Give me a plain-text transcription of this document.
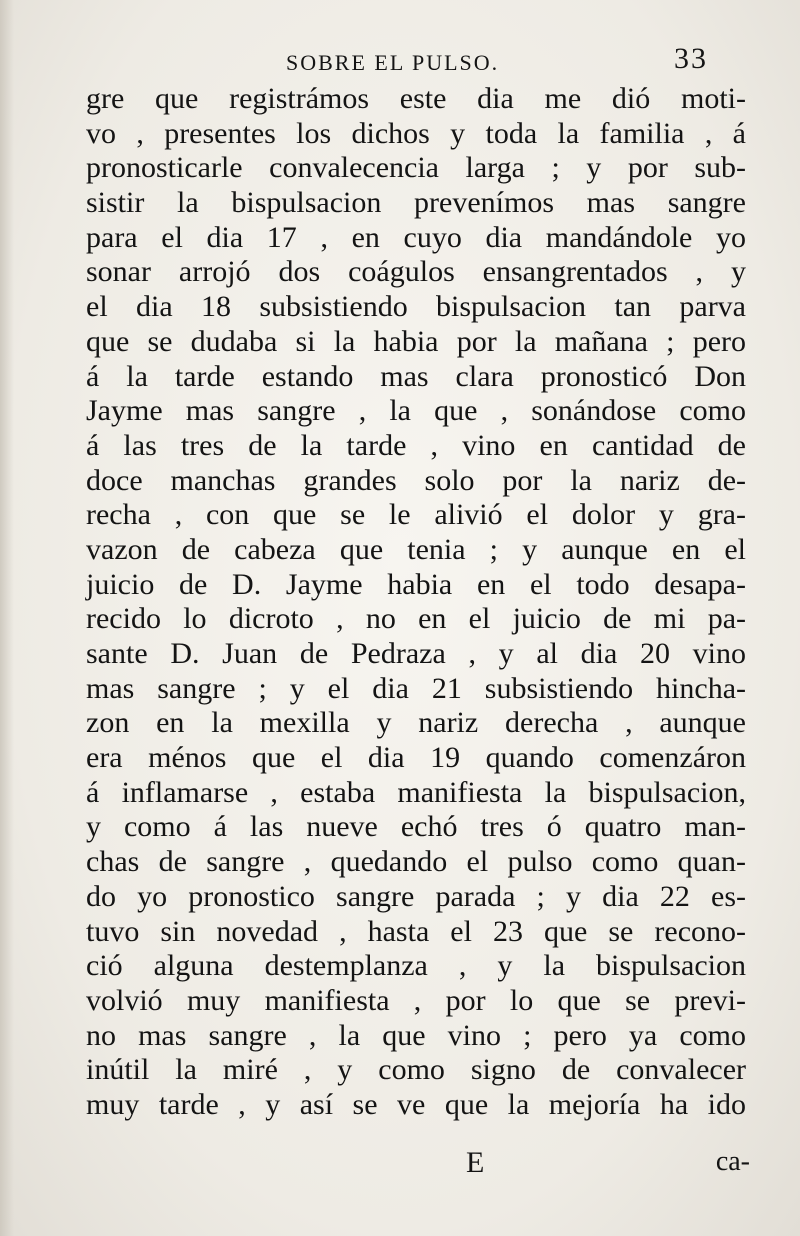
SOBRE EL PULSO.	33
gre que registrámos este dia me dió moti-
vo , presentes los dichos y toda la familia , á
pronosticarle convalecencia larga ; y por sub-
sistir la bispulsacion prevenímos mas sangre
para el dia 17 , en cuyo dia mandándole yo
sonar arrojó dos coágulos ensangrentados , y
el dia 18 subsistiendo bispulsacion tan parva
que se dudaba si la habia por la mañana ; pero
á la tarde estando mas clara pronosticó Don
Jayme mas sangre , la que , sonándose como
á las tres de la tarde , vino en cantidad de
doce manchas grandes solo por la nariz de-
recha , con que se le alivió el dolor y gra-
vazon de cabeza que tenia ; y aunque en el
juicio de D. Jayme habia en el todo desapa-
recido lo dicroto , no en el juicio de mi pa-
sante D. Juan de Pedraza , y al dia 20 vino
mas sangre ; y el dia 21 subsistiendo hincha-
zon en la mexilla y nariz derecha , aunque
era ménos que el dia 19 quando comenzáron
á inflamarse , estaba manifiesta la bispulsacion,
y como á las nueve echó tres ó quatro man-
chas de sangre , quedando el pulso como quan-
do yo pronostico sangre parada ; y dia 22 es-
tuvo sin novedad , hasta el 23 que se recono-
ció alguna destemplanza , y la bispulsacion
volvió muy manifiesta , por lo que se previ-
no mas sangre , la que vino ; pero ya como
inútil la miré , y como signo de convalecer
muy tarde , y así se ve que la mejoría ha ido
E	ca-
